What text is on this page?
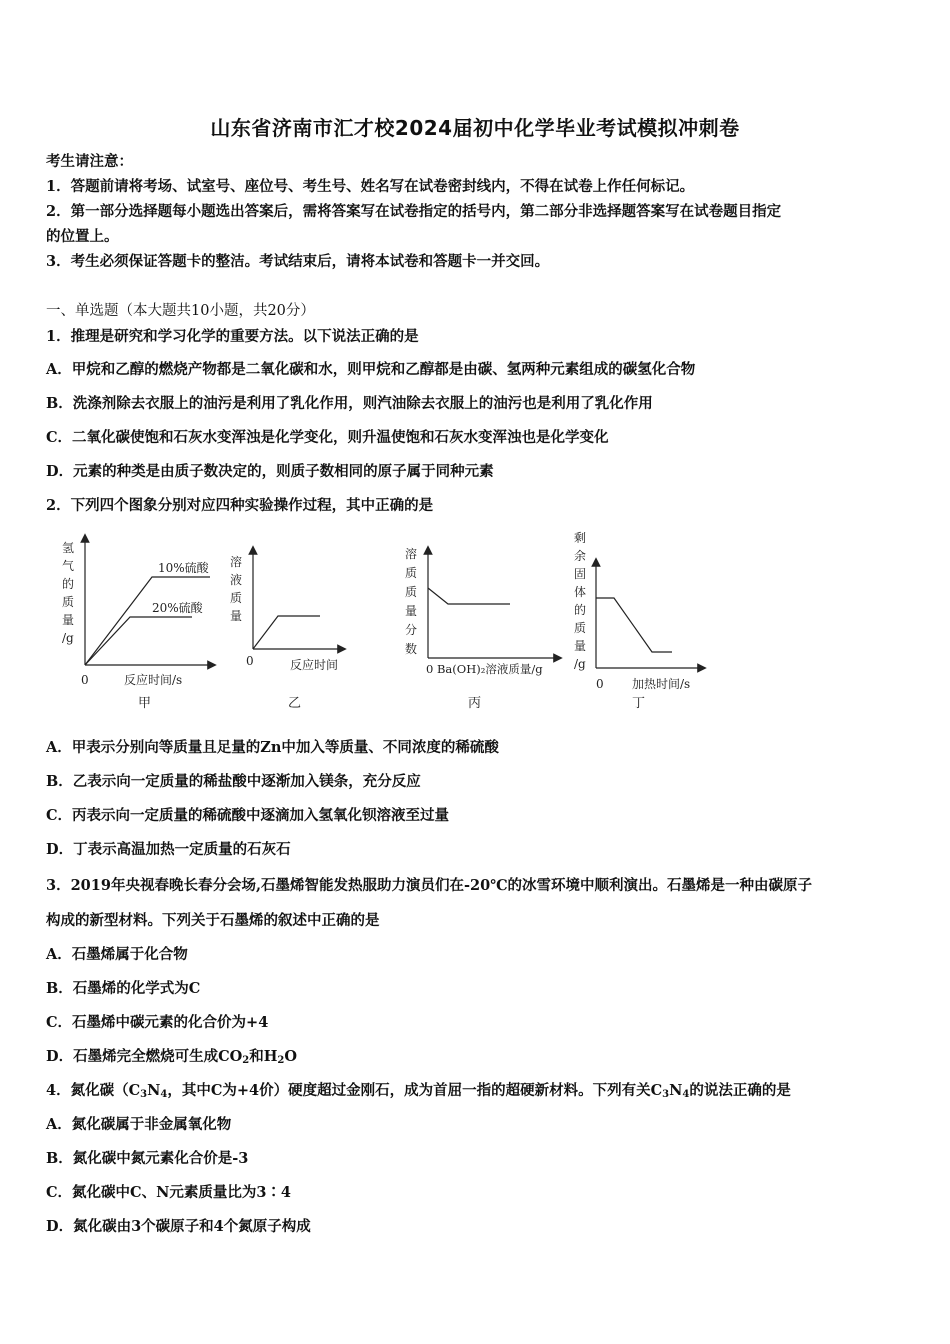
山东省济南市汇才校2024届初中化学毕业考试模拟冲刺卷
考生请注意：
1．答题前请将考场、试室号、座位号、考生号、姓名写在试卷密封线内，不得在试卷上作任何标记。
2．第一部分选择题每小题选出答案后，需将答案写在试卷指定的括号内，第二部分非选择题答案写在试卷题目指定
的位置上。
3．考生必须保证答题卡的整洁。考试结束后，请将本试卷和答题卡一并交回。
一、单选题（本大题共10小题，共20分）
1．推理是研究和学习化学的重要方法。以下说法正确的是
A．甲烷和乙醇的燃烧产物都是二氧化碳和水，则甲烷和乙醇都是由碳、氢两种元素组成的碳氢化合物
B．洗涤剂除去衣服上的油污是利用了乳化作用，则汽油除去衣服上的油污也是利用了乳化作用
C．二氧化碳使饱和石灰水变浑浊是化学变化，则升温使饱和石灰水变浑浊也是化学变化
D．元素的种类是由质子数决定的，则质子数相同的原子属于同种元素
2．下列四个图象分别对应四种实验操作过程，其中正确的是
氢
气
的
质
量
/g
10%硫酸
20%硫酸
0	反应时间/s
甲
溶
液
质
量
0	反应时间
乙
溶
质
质
量
分
数
0 Ba(OH)₂溶液质量/g
丙
剩
余
固
体
的
质
量
/g
0 加热时间/s
丁
A．甲表示分别向等质量且足量的Zn中加入等质量、不同浓度的稀硫酸
B．乙表示向一定质量的稀盐酸中逐渐加入镁条，充分反应
C．丙表示向一定质量的稀硫酸中逐滴加入氢氧化钡溶液至过量
D．丁表示高温加热一定质量的石灰石
3．2019年央视春晚长春分会场,石墨烯智能发热服助力演员们在-20℃的冰雪环境中顺利演出。石墨烯是一种由碳原子
构成的新型材料。下列关于石墨烯的叙述中正确的是
A．石墨烯属于化合物
B．石墨烯的化学式为C
C．石墨烯中碳元素的化合价为+4
D．石墨烯完全燃烧可生成$CO_2$和$H_2O$
4．氮化碳（$C_3N_4$，其中C为+4价）硬度超过金刚石，成为首屈一指的超硬新材料。下列有关$C_3N_4$的说法正确的是
A．氮化碳属于非金属氧化物
B．氮化碳中氮元素化合价是-3
C．氮化碳中C、N元素质量比为3∶4
D．氮化碳由3个碳原子和4个氮原子构成
